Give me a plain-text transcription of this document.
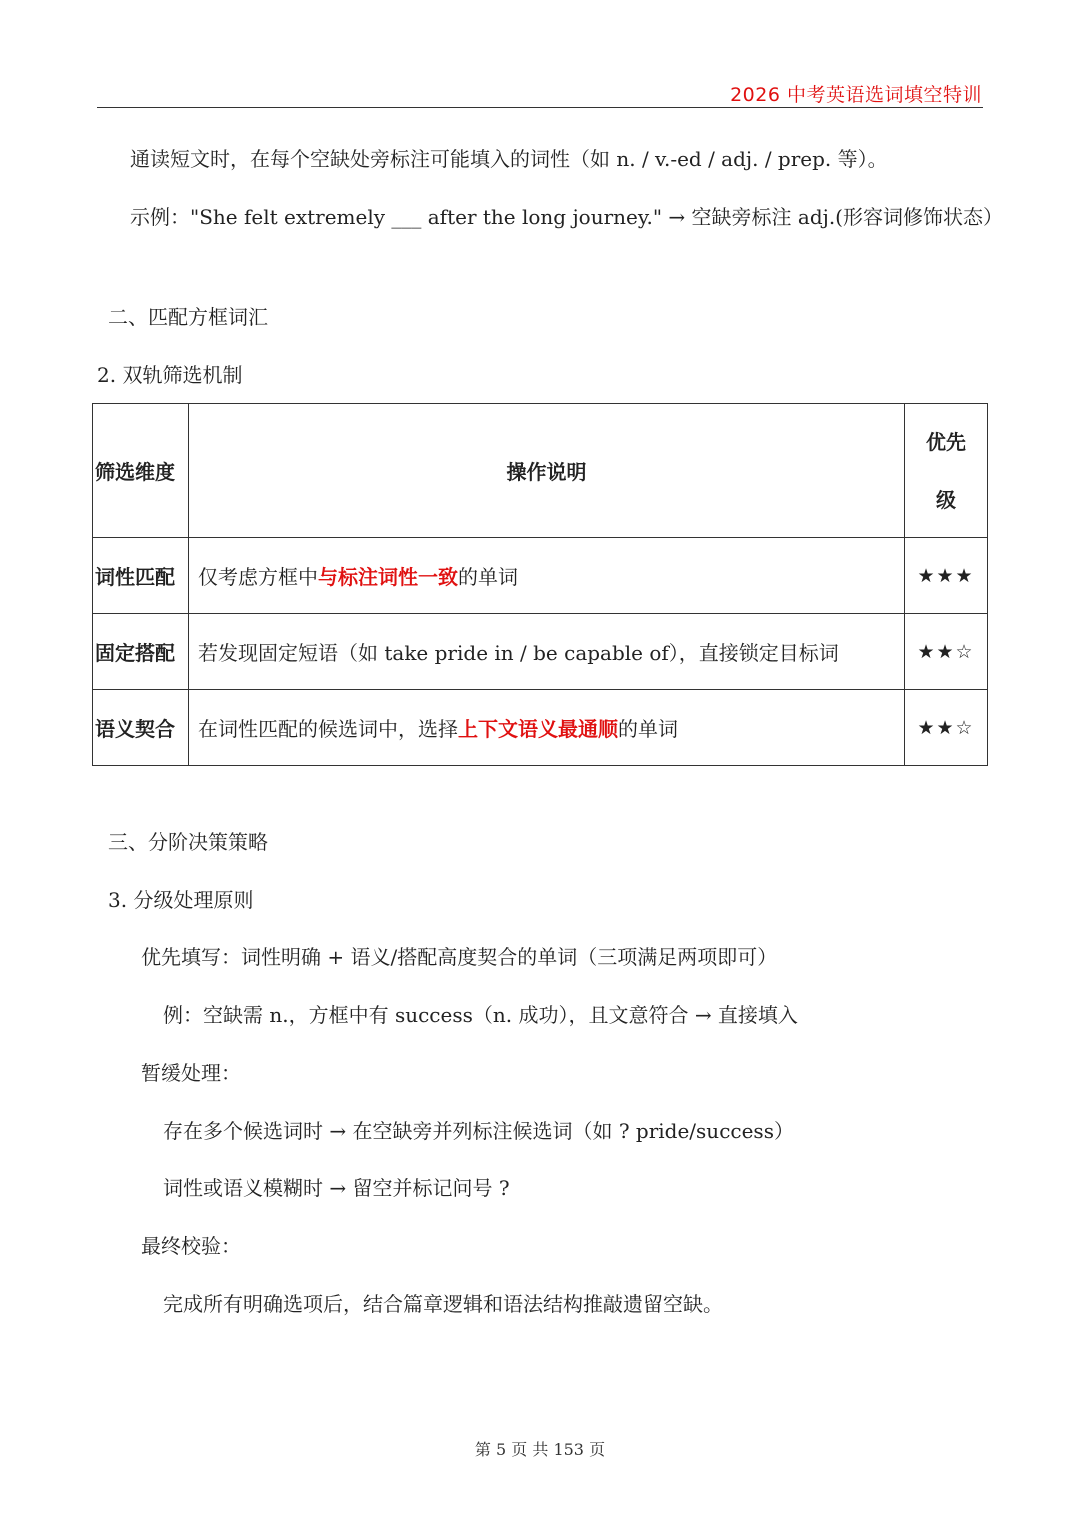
2026 中考英语选词填空特训
通读短文时，在每个空缺处旁标注可能填入的词性（如 n. / v.-ed / adj. / prep. 等）。
示例："She felt extremely ___ after the long journey." → 空缺旁标注 adj.(形容词修饰状态）
二、匹配方框词汇
2. 双轨筛选机制
筛选维度	操作说明	优先
级

词性匹配	仅考虑方框中与标注词性一致的单词	★★★
固定搭配	若发现固定短语（如 take pride in / be capable of），直接锁定目标词	★★☆
语义契合	在词性匹配的候选词中，选择上下文语义最通顺的单词	★★☆
三、分阶决策策略
3. 分级处理原则
优先填写：词性明确 + 语义/搭配高度契合的单词（三项满足两项即可）
例：空缺需 n.，方框中有 success（n. 成功），且文意符合 → 直接填入
暂缓处理：
存在多个候选词时 → 在空缺旁并列标注候选词（如 ? pride/success）
词性或语义模糊时 → 留空并标记问号 ?
最终校验：
完成所有明确选项后，结合篇章逻辑和语法结构推敲遗留空缺。
第 5 页 共 153 页
